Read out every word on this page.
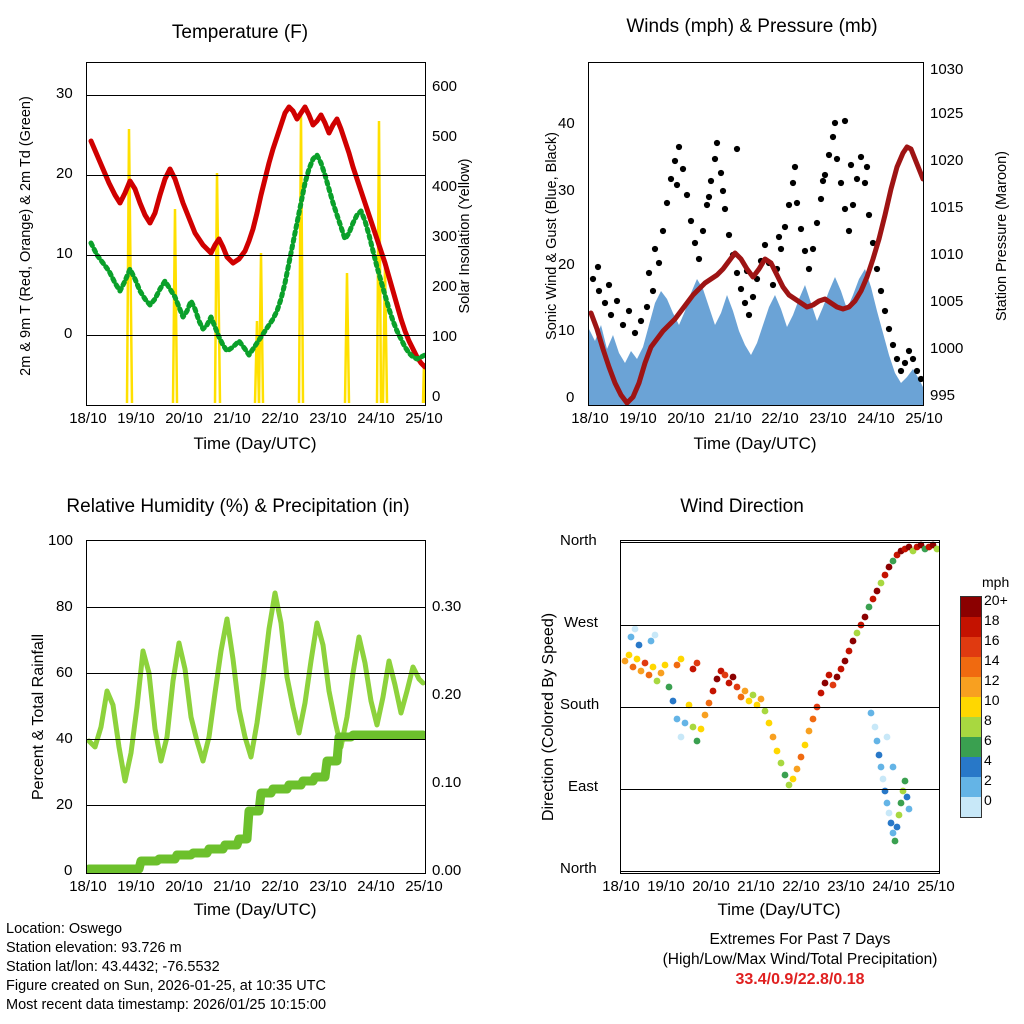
Temperature (F)
2m & 9m T (Red, Orange) & 2m Td (Green)	Solar Insolation (Yellow)
30
20
10
0
600
500
400
300
200
100
0
18/10 19/10 20/10 21/10 22/10 23/10 24/10 25/10
Time (Day/UTC)
Winds (mph) & Pressure (mb)
Sonic Wind & Gust (Blue, Black)	Station Pressure (Maroon)
40
30
20
10
0
1030
1025
1020
1015
1010
1005
1000
995
18/10 19/10 20/10 21/10 22/10 23/10 24/10 25/10
Time (Day/UTC)
Relative Humidity (%) & Precipitation (in)
Percent & Total Rainfall
100
80
60
40
20
0
0.30
0.20
0.10
0.00
18/10 19/10 20/10 21/10 22/10 23/10 24/10 25/10
Time (Day/UTC)
Wind Direction
Direction (Colored By Speed)
North
West
South
East
North
18/10 19/10 20/10 21/10 22/10 23/10 24/10 25/10
Time (Day/UTC)
mph
20+
18
16
14
12
10
8
6
4
2
0
Location: Oswego
Station elevation: 93.726 m
Station lat/lon: 43.4432; -76.5532
Figure created on Sun, 2026-01-25, at 10:35 UTC
Most recent data timestamp: 2026/01/25 10:15:00
Extremes For Past 7 Days
(High/Low/Max Wind/Total Precipitation)
33.4/0.9/22.8/0.18
